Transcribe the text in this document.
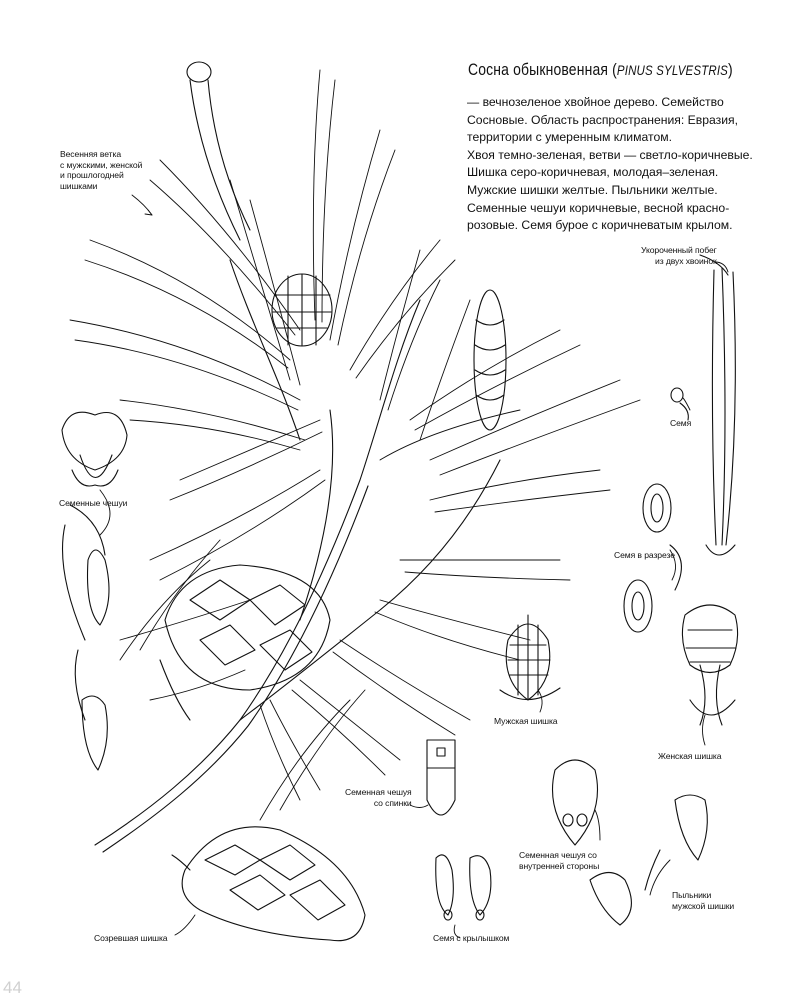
Сосна обыкновенная (PINUS SYLVESTRIS)

— вечнозеленое хвойное дерево. Семейство

Сосновые. Область распространения: Евразия,

территории с умеренным климатом.

Хвоя темно-зеленая, ветви — светло-коричневые.

Шишка серо-коричневая, молодая–зеленая.

Мужские шишки желтые. Пыльники желтые.

Семенные чешуи коричневые, весной красно-

розовые. Семя бурое с коричневатым крылом.

Весенняя ветка
с мужскими, женской
и прошлогодней
шишками
Укороченный побег
из двух хвоинок
Семя
Семенные чешуи
Семя в разрезе
Мужская шишка
Женская шишка
Семенная чешуя
со спинки
Семенная чешуя со
внутренней стороны
Пыльники
мужской шишки
Созревшая шишка	Семя с крылышком
44
